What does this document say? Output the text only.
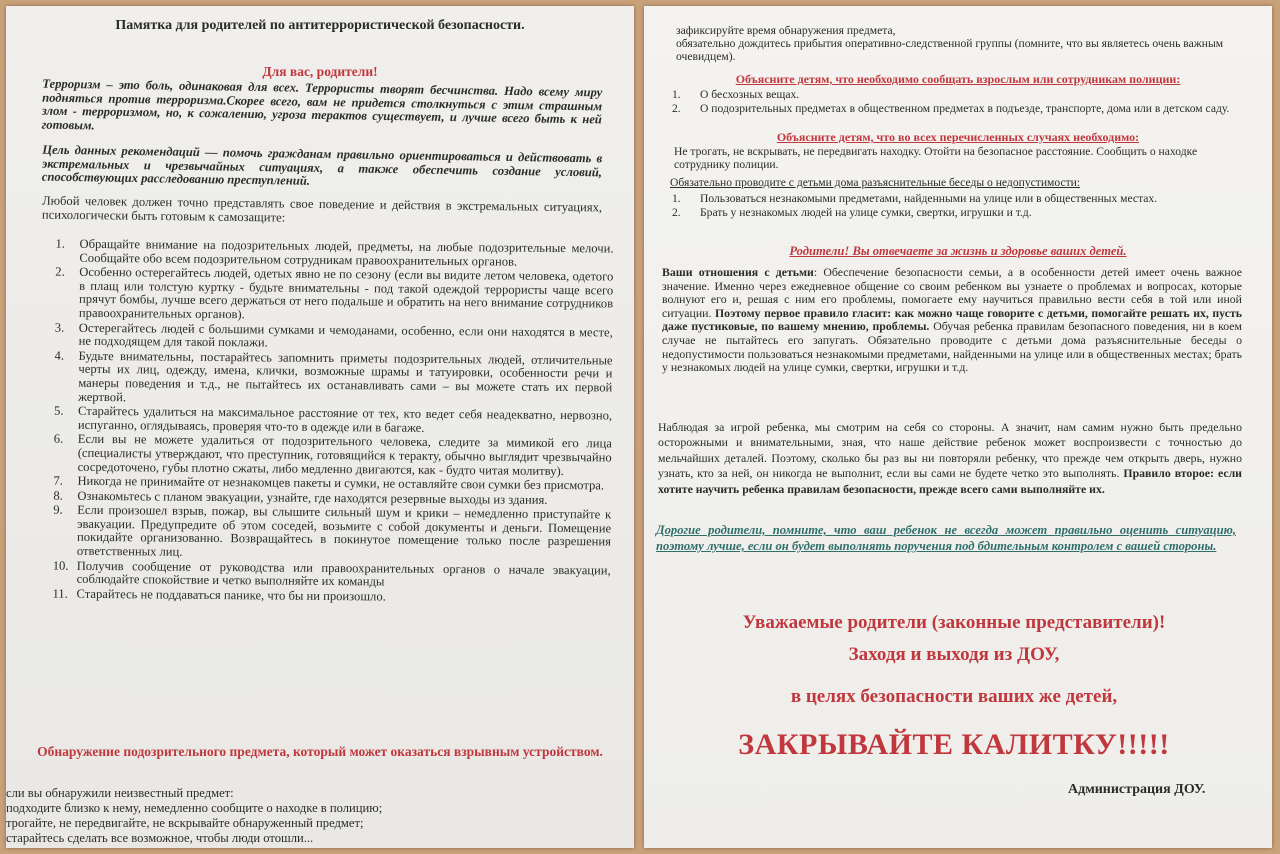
Памятка для родителей по антитеррористической безопасности.

Для вас, родители!

Терроризм – это боль, одинаковая для всех. Террористы творят бесчинства. Надо всему миру подняться против терроризма.Скорее всего, вам не придется столкнуться с этим страшным злом - терроризмом, но, к сожалению, угроза терактов существует, и лучше всего быть к ней готовым.

Цель данных рекомендаций — помочь гражданам правильно ориентироваться и действовать в экстремальных и чрезвычайных ситуациях, а также обеспечить создание условий, способствующих расследованию преступлений.

Любой человек должен точно представлять свое поведение и действия в экстремальных ситуациях, психологически быть готовым к самозащите:

1. Обращайте внимание на подозрительных людей, предметы, на любые подозрительные мелочи. Сообщайте обо всем подозрительном сотрудникам правоохранительных органов.
2. Особенно остерегайтесь людей, одетых явно не по сезону (если вы видите летом человека, одетого в плащ или толстую куртку - будьте внимательны - под такой одеждой террористы чаще всего прячут бомбы, лучше всего держаться от него подальше и обратить на него внимание сотрудников правоохранительных органов).
3. Остерегайтесь людей с большими сумками и чемоданами, особенно, если они находятся в месте, не подходящем для такой поклажи.
4. Будьте внимательны, постарайтесь запомнить приметы подозрительных людей, отличительные черты их лиц, одежду, имена, клички, возможные шрамы и татуировки, особенности речи и манеры поведения и т.д., не пытайтесь их останавливать сами – вы можете стать их первой жертвой.
5. Старайтесь удалиться на максимальное расстояние от тех, кто ведет себя неадекватно, нервозно, испуганно, оглядываясь, проверяя что-то в одежде или в багаже.
6. Если вы не можете удалиться от подозрительного человека, следите за мимикой его лица (специалисты утверждают, что преступник, готовящийся к теракту, обычно выглядит чрезвычайно сосредоточено, губы плотно сжаты, либо медленно двигаются, как - будто читая молитву).
7. Никогда не принимайте от незнакомцев пакеты и сумки, не оставляйте свои сумки без присмотра.
8. Ознакомьтесь с планом эвакуации, узнайте, где находятся резервные выходы из здания.
9. Если произошел взрыв, пожар, вы слышите сильный шум и крики – немедленно приступайте к эвакуации. Предупредите об этом соседей, возьмите с собой документы и деньги. Помещение покидайте организованно. Возвращайтесь в покинутое помещение только после разрешения ответственных лиц.
10. Получив сообщение от руководства или правоохранительных органов о начале эвакуации, соблюдайте спокойствие и четко выполняйте их команды
11. Старайтесь не поддаваться панике, что бы ни произошло.

Обнаружение подозрительного предмета, который может оказаться взрывным устройством.

сли вы обнаружили неизвестный предмет:

подходите близко к нему, немедленно сообщите о находке в полицию;

трогайте, не передвигайте, не вскрывайте обнаруженный предмет;

старайтесь сделать все возможное, чтобы люди отошли...

зафиксируйте время обнаружения предмета,

обязательно дождитесь прибытия оперативно-следственной группы (помните, что вы являетесь очень важным очевидцем).

Объясните детям, что необходимо сообщать взрослым или сотрудникам полиции:

1. О бесхозных вещах.
2. О подозрительных предметах в общественном предметах в подъезде, транспорте, дома или в детском саду.

Объясните детям, что во всех перечисленных случаях необходимо:

Не трогать, не вскрывать, не передвигать находку. Отойти на безопасное расстояние. Сообщить о находке сотруднику полиции.

Обязательно проводите с детьми дома разъяснительные беседы о недопустимости:

1. Пользоваться незнакомыми предметами, найденными на улице или в общественных местах.
2. Брать у незнакомых людей на улице сумки, свертки, игрушки и т.д.

Родители! Вы отвечаете за жизнь и здоровье ваших детей.

Ваши отношения с детьми: Обеспечение безопасности семьи, а в особенности детей имеет очень важное значение. Именно через ежедневное общение со своим ребенком вы узнаете о проблемах и вопросах, которые волнуют его и, решая с ним его проблемы, помогаете ему научиться правильно вести себя в той или иной ситуации. Поэтому первое правило гласит: как можно чаще говорите с детьми, помогайте решать их, пусть даже пустиковые, по вашему мнению, проблемы. Обучая ребенка правилам безопасного поведения, ни в коем случае не пытайтесь его запугать. Обязательно проводите с детьми дома разъяснительные беседы о недопустимости пользоваться незнакомыми предметами, найденными на улице или в общественных местах; брать у незнакомых людей на улице сумки, свертки, игрушки и т.д.

Наблюдая за игрой ребенка, мы смотрим на себя со стороны. А значит, нам самим нужно быть предельно осторожными и внимательными, зная, что наше действие ребенок может воспроизвести с точностью до мельчайших деталей. Поэтому, сколько бы раз вы ни повторяли ребенку, что прежде чем открыть дверь, нужно узнать, кто за ней, он никогда не выполнит, если вы сами не будете четко это выполнять. Правило второе: если хотите научить ребенка правилам безопасности, прежде всего сами выполняйте их.

Дорогие родители, помните, что ваш ребенок не всегда может правильно оценить ситуацию, поэтому лучше, если он будет выполнять поручения под бдительным контролем с вашей стороны.

Уважаемые родители (законные представители)!

Заходя и выходя из ДОУ,

в целях безопасности ваших же детей,

ЗАКРЫВАЙТЕ КАЛИТКУ!!!!!

Администрация ДОУ.
